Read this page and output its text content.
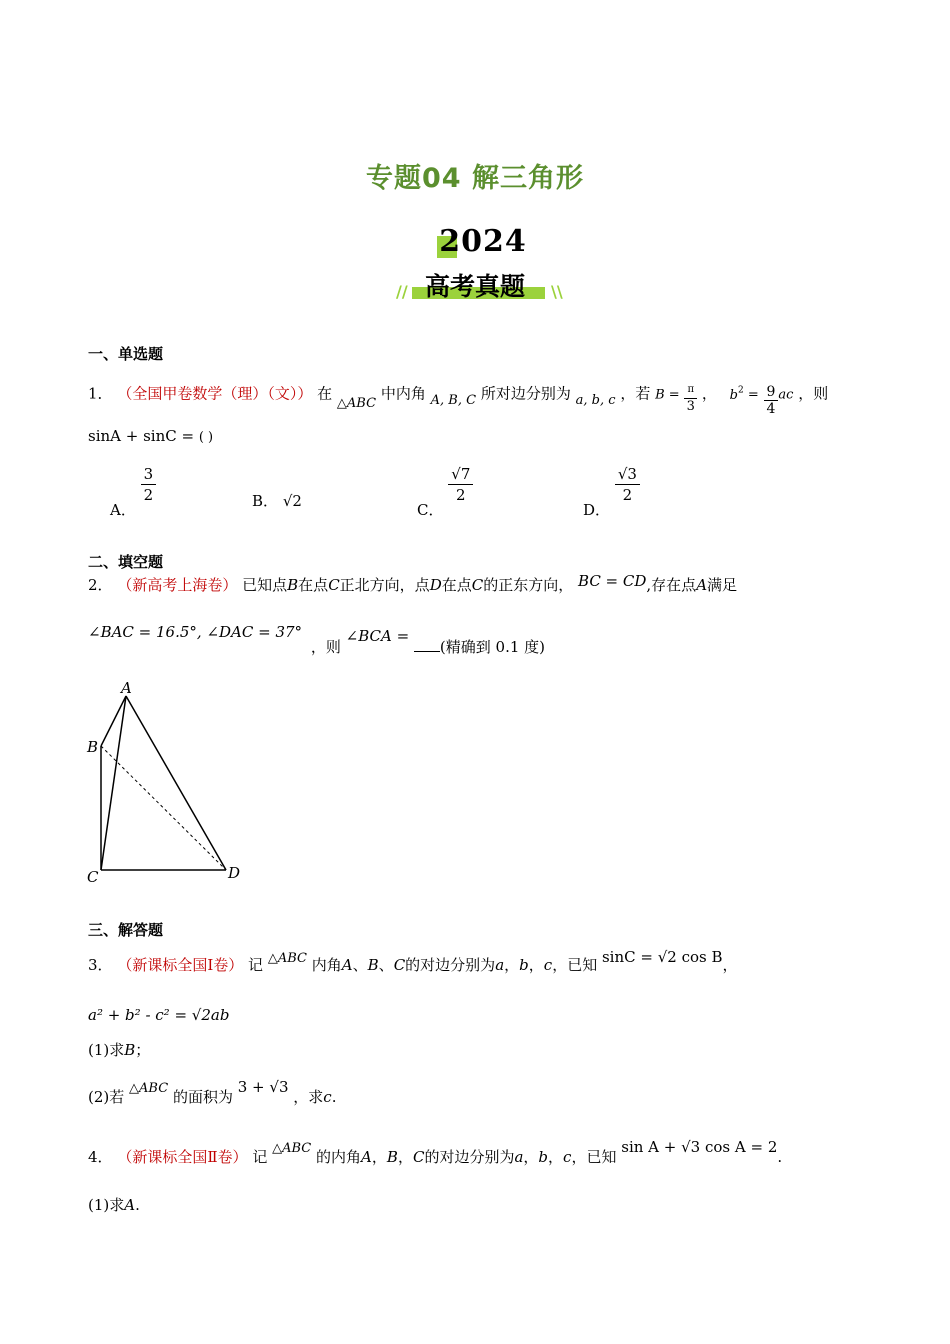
专题04 解三角形
2024
// 高考真题	\\
一、单选题
1． （全国甲卷数学（理）（文）） 在 △ABC 中内角 A, B, C 所对边分别为 a, b, c ，若 $B = \frac{\pi}{3}$ ， $b^2 = \frac{9}{4}$ ac ，则
sinA + sinC = ( )
A．
$\frac{3}{2}$	B． √2	C．
$\frac{√7}{2}$
D．
$\frac{√3}{2}$
二、填空题
2． （新高考上海卷） 已知点B在点C正北方向，点D在点C的正东方向， BC = CD,存在点A满足
∠BAC = 16.5°, ∠DAC = 37° ，则 ∠BCA = (精确到 0.1 度)
A
B
C	D
三、解答题
3． （新课标全国Ⅰ卷） 记 △ABC 内角A、B、C的对边分别为a，b，c，已知 sinC = √2 cos B，
a² + b² - c² = √2ab
(1)求B；
(2)若 △ABC 的面积为 3 + √3 ，求c.
4． （新课标全国Ⅱ卷） 记 △ABC 的内角A，B，C的对边分别为a，b，c，已知 sin A + √3 cos A = 2.
(1)求A.
